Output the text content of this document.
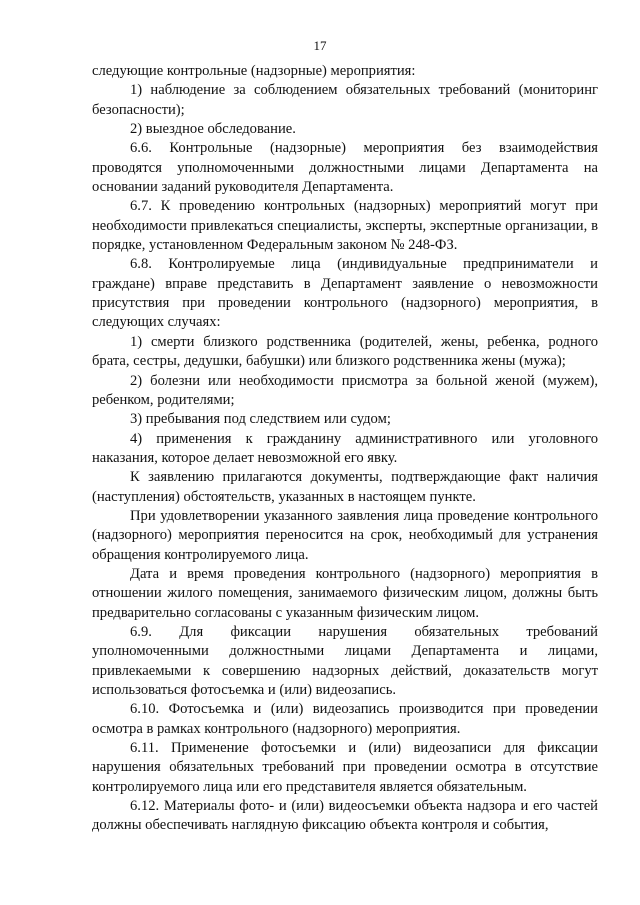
17

следующие контрольные (надзорные) мероприятия:

1) наблюдение за соблюдением обязательных требований (мониторинг безопасности);

2) выездное обследование.

6.6. Контрольные (надзорные) мероприятия без взаимодействия проводятся уполномоченными должностными лицами Департамента на основании заданий руководителя Департамента.

6.7. К проведению контрольных (надзорных) мероприятий могут при необходимости привлекаться специалисты, эксперты, экспертные организации, в порядке, установленном Федеральным законом № 248-ФЗ.

6.8. Контролируемые лица (индивидуальные предприниматели и граждане) вправе представить в Департамент заявление о невозможности присутствия при проведении контрольного (надзорного) мероприятия, в следующих случаях:

1) смерти близкого родственника (родителей, жены, ребенка, родного брата, сестры, дедушки, бабушки) или близкого родственника жены (мужа);

2) болезни или необходимости присмотра за больной женой (мужем), ребенком, родителями;

3) пребывания под следствием или судом;

4) применения к гражданину административного или уголовного наказания, которое делает невозможной его явку.

К заявлению прилагаются документы, подтверждающие факт наличия (наступления) обстоятельств, указанных в настоящем пункте.

При удовлетворении указанного заявления лица проведение контрольного (надзорного) мероприятия переносится на срок, необходимый для устранения обращения контролируемого лица.

Дата и время проведения контрольного (надзорного) мероприятия в отношении жилого помещения, занимаемого физическим лицом, должны быть предварительно согласованы с указанным физическим лицом.

6.9. Для фиксации нарушения обязательных требований уполномоченными должностными лицами Департамента и лицами, привлекаемыми к совершению надзорных действий, доказательств могут использоваться фотосъемка и (или) видеозапись.

6.10. Фотосъемка и (или) видеозапись производится при проведении осмотра в рамках контрольного (надзорного) мероприятия.

6.11. Применение фотосъемки и (или) видеозаписи для фиксации нарушения обязательных требований при проведении осмотра в отсутствие контролируемого лица или его представителя является обязательным.

6.12. Материалы фото- и (или) видеосъемки объекта надзора и его частей должны обеспечивать наглядную фиксацию объекта контроля и события,
